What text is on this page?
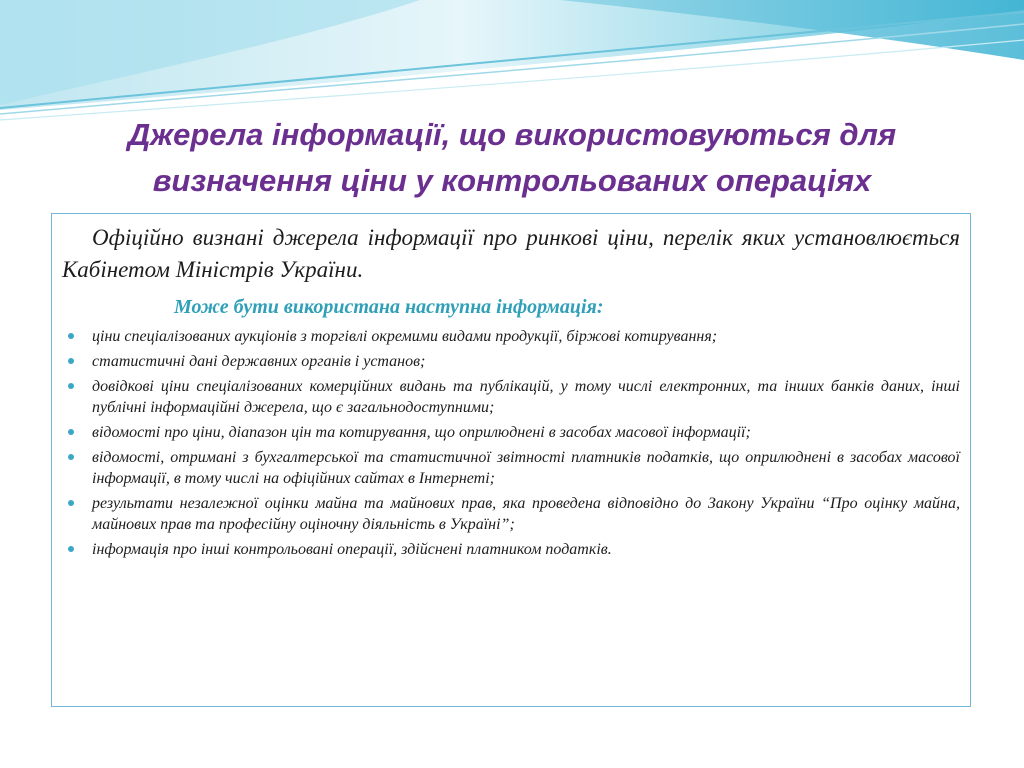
Джерела інформації, що використовуються для визначення ціни у контрольованих операціях

Офіційно визнані джерела інформації про ринкові ціни, перелік яких установлюється Кабінетом Міністрів України.

Може бути використана наступна інформація:
ціни спеціалізованих аукціонів з торгівлі окремими видами продукції, біржові котирування;
статистичні дані державних органів і установ;
довідкові ціни спеціалізованих комерційних видань та публікацій, у тому числі електронних, та інших банків даних, інші публічні інформаційні джерела, що є загальнодоступними;
відомості про ціни, діапазон цін та котирування, що оприлюднені в засобах масової інформації;
відомості, отримані з бухгалтерської та статистичної звітності платників податків, що оприлюднені в засобах масової інформації, в тому числі на офіційних сайтах в Інтернеті;
результати незалежної оцінки майна та майнових прав, яка проведена відповідно до Закону України “Про оцінку майна, майнових прав та професійну оціночну діяльність в Україні”;
інформація про інші контрольовані операції, здійснені платником податків.
